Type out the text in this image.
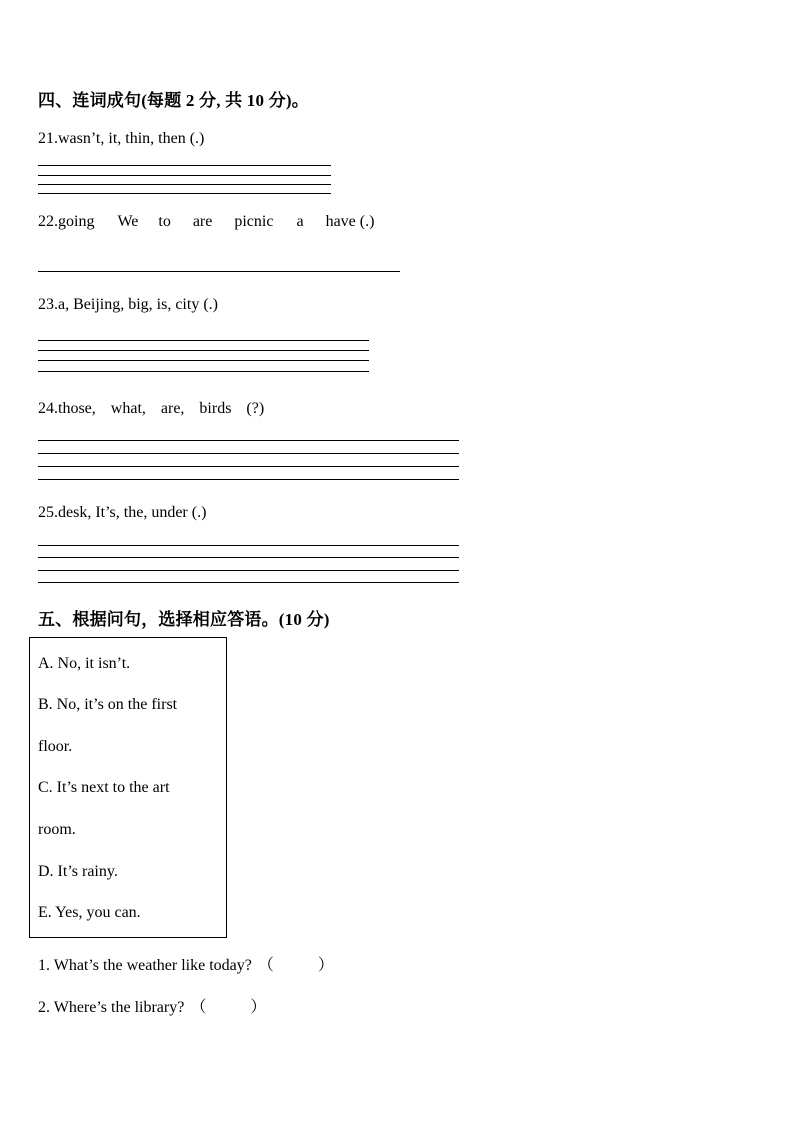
四、连词成句(每题 2 分, 共 10 分)。
21.wasn’t, it, thin, then (.)
22.going We to are picnic a have (.)
23.a, Beijing, big, is, city (.)
24.those, what, are, birds (?)
25.desk, It’s, the, under (.)
五、根据问句，选择相应答语。(10 分)
A. No, it isn’t.
B. No, it’s on the first
floor.
C. It’s next to the art
room.
D. It’s rainy.
E. Yes, you can.
1. What’s the weather like today? （	）
2. Where’s the library? （	）
